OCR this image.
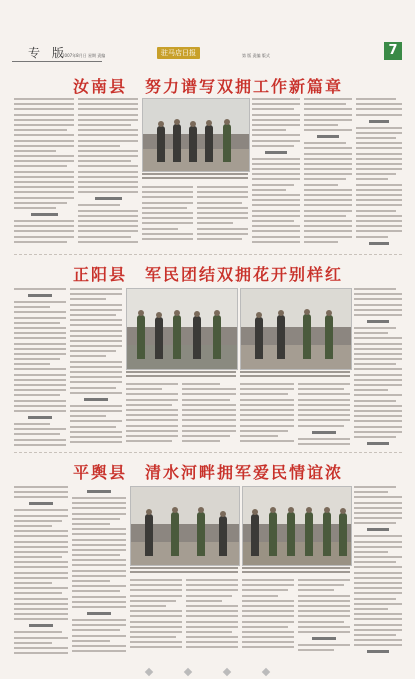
专 版
2007年8月日 星期 责编	驻马店日报	第 版 责编 版式	7
汝南县 努力谱写双拥工作新篇章
正阳县 军民团结双拥花开别样红
平舆县 清水河畔拥军爱民情谊浓
